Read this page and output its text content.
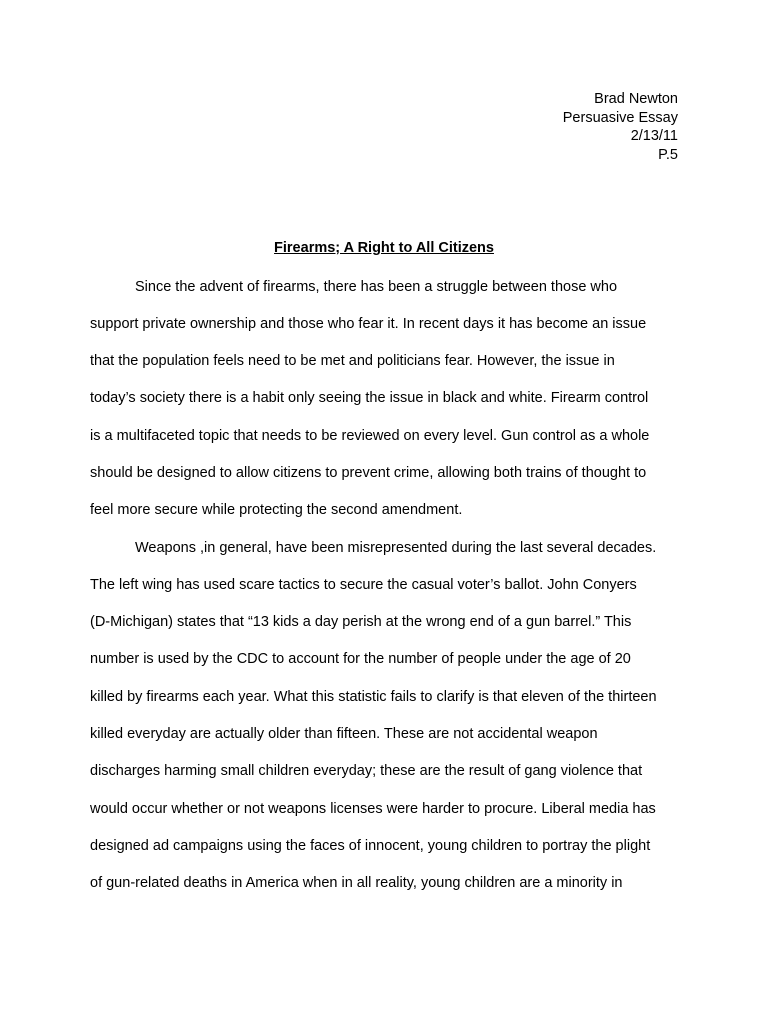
Brad Newton
Persuasive Essay
2/13/11
P.5
Firearms; A Right to All Citizens
Since the advent of firearms, there has been a struggle between those who
support private ownership and those who fear it. In recent days it has become an issue
that the population feels need to be met and politicians fear. However, the issue in
today’s society there is a habit only seeing the issue in black and white. Firearm control
is a multifaceted topic that needs to be reviewed on every level. Gun control as a whole
should be designed to allow citizens to prevent crime, allowing both trains of thought to
feel more secure while protecting the second amendment.
Weapons ,in general, have been misrepresented during the last several decades.
The left wing has used scare tactics to secure the casual voter’s ballot. John Conyers
(D-Michigan) states that “13 kids a day perish at the wrong end of a gun barrel.” This
number is used by the CDC to account for the number of people under the age of 20
killed by firearms each year. What this statistic fails to clarify is that eleven of the thirteen
killed everyday are actually older than fifteen. These are not accidental weapon
discharges harming small children everyday; these are the result of gang violence that
would occur whether or not weapons licenses were harder to procure. Liberal media has
designed ad campaigns using the faces of innocent, young children to portray the plight
of gun-related deaths in America when in all reality, young children are a minority in
